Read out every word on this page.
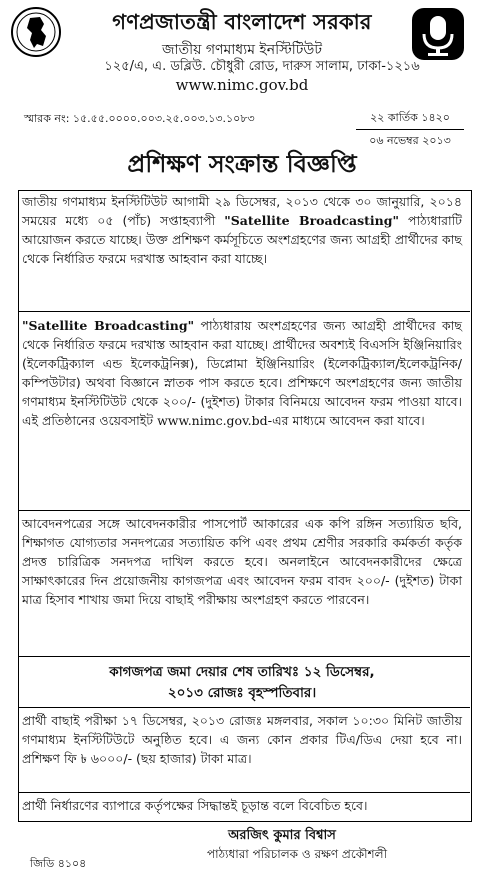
গণপ্রজাতন্ত্রী বাংলাদেশ সরকার
জাতীয় গণমাধ্যম ইনস্টিটিউট
১২৫/এ, এ. ডব্লিউ. চৌধুরী রোড, দারুস সালাম, ঢাকা-১২১৬
www.nimc.gov.bd
স্মারক নং: ১৫.৫৫.০০০০.০০৩.২৫.০০৩.১৩.১০৮৩	২২ কার্তিক ১৪২০
০৬ নভেম্বর ২০১৩
প্রশিক্ষণ সংক্রান্ত বিজ্ঞপ্তি
জাতীয় গণমাধ্যম ইনস্টিটিউট আগামী ২৯ ডিসেম্বর, ২০১৩ থেকে ৩০ জানুয়ারি, ২০১৪ সময়ের মধ্যে ০৫ (পাঁচ) সপ্তাহব্যাপী "Satellite Broadcasting" পাঠ্যধারাটি আয়োজন করতে যাচ্ছে। উক্ত প্রশিক্ষণ কর্মসূচিতে অংশগ্রহণের জন্য আগ্রহী প্রার্থীদের কাছ থেকে নির্ধারিত ফরমে দরখাস্ত আহবান করা যাচ্ছে।
"Satellite Broadcasting" পাঠ্যধারায় অংশগ্রহণের জন্য আগ্রহী প্রার্থীদের কাছ থেকে নির্ধারিত ফরমে দরখাস্ত আহবান করা যাচ্ছে। প্রার্থীদের অবশ্যই বিএসসি ইঞ্জিনিয়ারিং (ইলেকট্রিক্যাল এন্ড ইলেকট্রনিক্স), ডিপ্লোমা ইঞ্জিনিয়ারিং (ইলেকট্রিক্যাল/ইলেকট্রনিক/কম্পিউটার) অথবা বিজ্ঞানে স্নাতক পাস করতে হবে। প্রশিক্ষণে অংশগ্রহণের জন্য জাতীয় গণমাধ্যম ইনস্টিটিউট থেকে ২০০/- (দুইশত) টাকার বিনিময়ে আবেদন ফরম পাওয়া যাবে। এই প্রতিষ্ঠানের ওয়েবসাইট www.nimc.gov.bd-এর মাধ্যমে আবেদন করা যাবে।
আবেদনপত্রের সঙ্গে আবেদনকারীর পাসপোর্ট আকারের এক কপি রঙ্গিন সত্যায়িত ছবি, শিক্ষাগত যোগ্যতার সনদপত্রের সত্যায়িত কপি এবং প্রথম শ্রেণীর সরকারি কর্মকর্তা কর্তৃক প্রদত্ত চারিত্রিক সনদপত্র দাখিল করতে হবে। অনলাইনে আবেদনকারীদের ক্ষেত্রে সাক্ষাৎকারের দিন প্রয়োজনীয় কাগজপত্র এবং আবেদন ফরম বাবদ ২০০/- (দুইশত) টাকা মাত্র হিসাব শাখায় জমা দিয়ে বাছাই পরীক্ষায় অংশগ্রহণ করতে পারবেন।
কাগজপত্র জমা দেয়ার শেষ তারিখঃ ১২ ডিসেম্বর,
২০১৩ রোজঃ বৃহস্পতিবার।
প্রার্থী বাছাই পরীক্ষা ১৭ ডিসেম্বর, ২০১৩ রোজঃ মঙ্গলবার, সকাল ১০:৩০ মিনিট জাতীয় গণমাধ্যম ইনস্টিটিউটে অনুষ্ঠিত হবে। এ জন্য কোন প্রকার টিএ/ডিএ দেয়া হবে না। প্রশিক্ষণ ফি ৳ ৬০০০/- (ছয় হাজার) টাকা মাত্র।
প্রার্থী নির্ধারণের ব্যাপারে কর্তৃপক্ষের সিদ্ধান্তই চূড়ান্ত বলে বিবেচিত হবে।
অরজিৎ কুমার বিশ্বাস
পাঠ্যধারা পরিচালক ও রক্ষণ প্রকৌশলী
জিডি ৪১০৪
